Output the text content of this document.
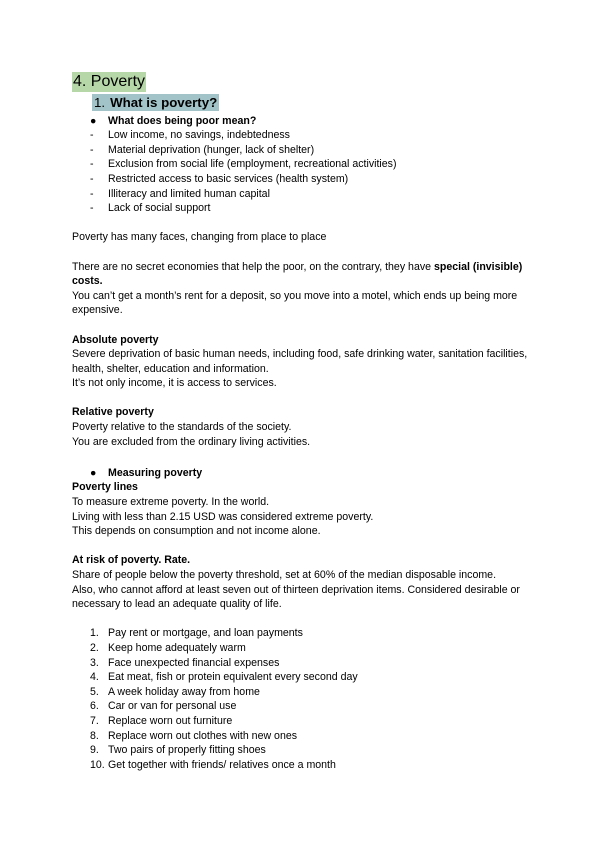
4. Poverty
1. What is poverty?
●	What does being poor mean?
-	Low income, no savings, indebtedness
-	Material deprivation (hunger, lack of shelter)
-	Exclusion from social life (employment, recreational activities)
-	Restricted access to basic services (health system)
-	Illiteracy and limited human capital
-	Lack of social support

Poverty has many faces, changing from place to place

There are no secret economies that help the poor, on the contrary, they have special (invisible) costs.

You can’t get a month’s rent for a deposit, so you move into a motel, which ends up being more expensive.

Absolute poverty

Severe deprivation of basic human needs, including food, safe drinking water, sanitation facilities, health, shelter, education and information.

It’s not only income, it is access to services.

Relative poverty

Poverty relative to the standards of the society.

You are excluded from the ordinary living activities.

●	Measuring poverty

Poverty lines

To measure extreme poverty. In the world.

Living with less than 2.15 USD was considered extreme poverty.

This depends on consumption and not income alone.

At risk of poverty. Rate.

Share of people below the poverty threshold, set at 60% of the median disposable income.

Also, who cannot afford at least seven out of thirteen deprivation items. Considered desirable or necessary to lead an adequate quality of life.

1. Pay rent or mortgage, and loan payments
2. Keep home adequately warm
3. Face unexpected financial expenses
4. Eat meat, fish or protein equivalent every second day
5. A week holiday away from home
6. Car or van for personal use
7. Replace worn out furniture
8. Replace worn out clothes with new ones
9. Two pairs of properly fitting shoes
10. Get together with friends/ relatives once a month
